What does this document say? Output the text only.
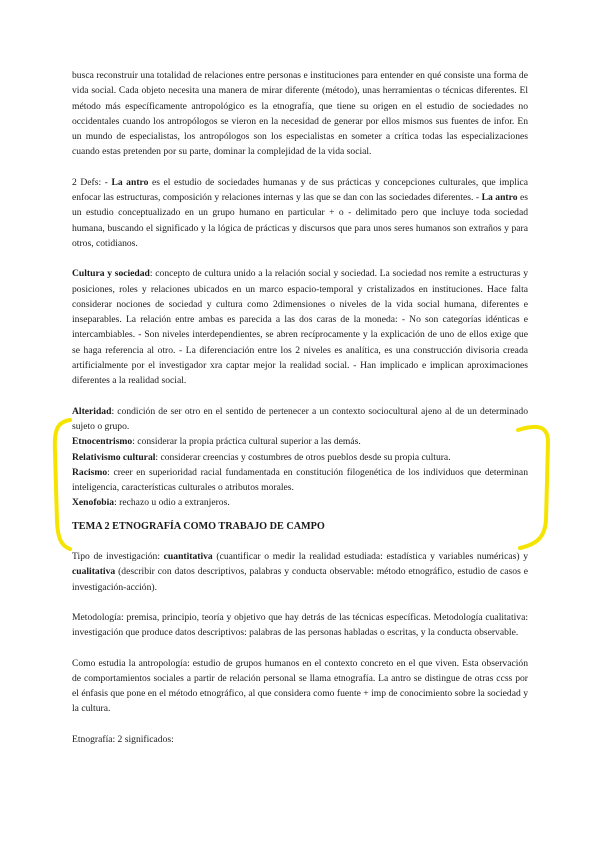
busca reconstruir una totalidad de relaciones entre personas e instituciones para entender en qué consiste una forma de vida social. Cada objeto necesita una manera de mirar diferente (método), unas herramientas o técnicas diferentes. El método más específicamente antropológico es la etnografía, que tiene su origen en el estudio de sociedades no occidentales cuando los antropólogos se vieron en la necesidad de generar por ellos mismos sus fuentes de infor. En un mundo de especialistas, los antropólogos son los especialistas en someter a crítica todas las especializaciones cuando estas pretenden por su parte, dominar la complejidad de la vida social.

2 Defs: - La antro es el estudio de sociedades humanas y de sus prácticas y concepciones culturales, que implica enfocar las estructuras, composición y relaciones internas y las que se dan con las sociedades diferentes. - La antro es un estudio conceptualizado en un grupo humano en particular + o - delimitado pero que incluye toda sociedad humana, buscando el significado y la lógica de prácticas y discursos que para unos seres humanos son extraños y para otros, cotidianos.

Cultura y sociedad: concepto de cultura unido a la relación social y sociedad. La sociedad nos remite a estructuras y posiciones, roles y relaciones ubicados en un marco espacio-temporal y cristalizados en instituciones. Hace falta considerar nociones de sociedad y cultura como 2dimensiones o niveles de la vida social humana, diferentes e inseparables. La relación entre ambas es parecida a las dos caras de la moneda: - No son categorías idénticas e intercambiables. - Son niveles interdependientes, se abren recíprocamente y la explicación de uno de ellos exige que se haga referencia al otro. - La diferenciación entre los 2 niveles es analítica, es una construcción divisoria creada artificialmente por el investigador xra captar mejor la realidad social. - Han implicado e implican aproximaciones diferentes a la realidad social.

Alteridad: condición de ser otro en el sentido de pertenecer a un contexto sociocultural ajeno al de un determinado sujeto o grupo.

Etnocentrismo: considerar la propia práctica cultural superior a las demás.

Relativismo cultural: considerar creencias y costumbres de otros pueblos desde su propia cultura.

Racismo: creer en superioridad racial fundamentada en constitución filogenética de los individuos que determinan inteligencia, características culturales o atributos morales.

Xenofobia: rechazo u odio a extranjeros.

TEMA 2 ETNOGRAFÍA COMO TRABAJO DE CAMPO

Tipo de investigación: cuantitativa (cuantificar o medir la realidad estudiada: estadística y variables numéricas) y cualitativa (describir con datos descriptivos, palabras y conducta observable: método etnográfico, estudio de casos e investigación-acción).

Metodología: premisa, principio, teoría y objetivo que hay detrás de las técnicas específicas. Metodología cualitativa: investigación que produce datos descriptivos: palabras de las personas habladas o escritas, y la conducta observable.

Como estudia la antropología: estudio de grupos humanos en el contexto concreto en el que viven. Esta observación de comportamientos sociales a partir de relación personal se llama etnografía. La antro se distingue de otras ccss por el énfasis que pone en el método etnográfico, al que considera como fuente + imp de conocimiento sobre la sociedad y la cultura.

Etnografía: 2 significados:
